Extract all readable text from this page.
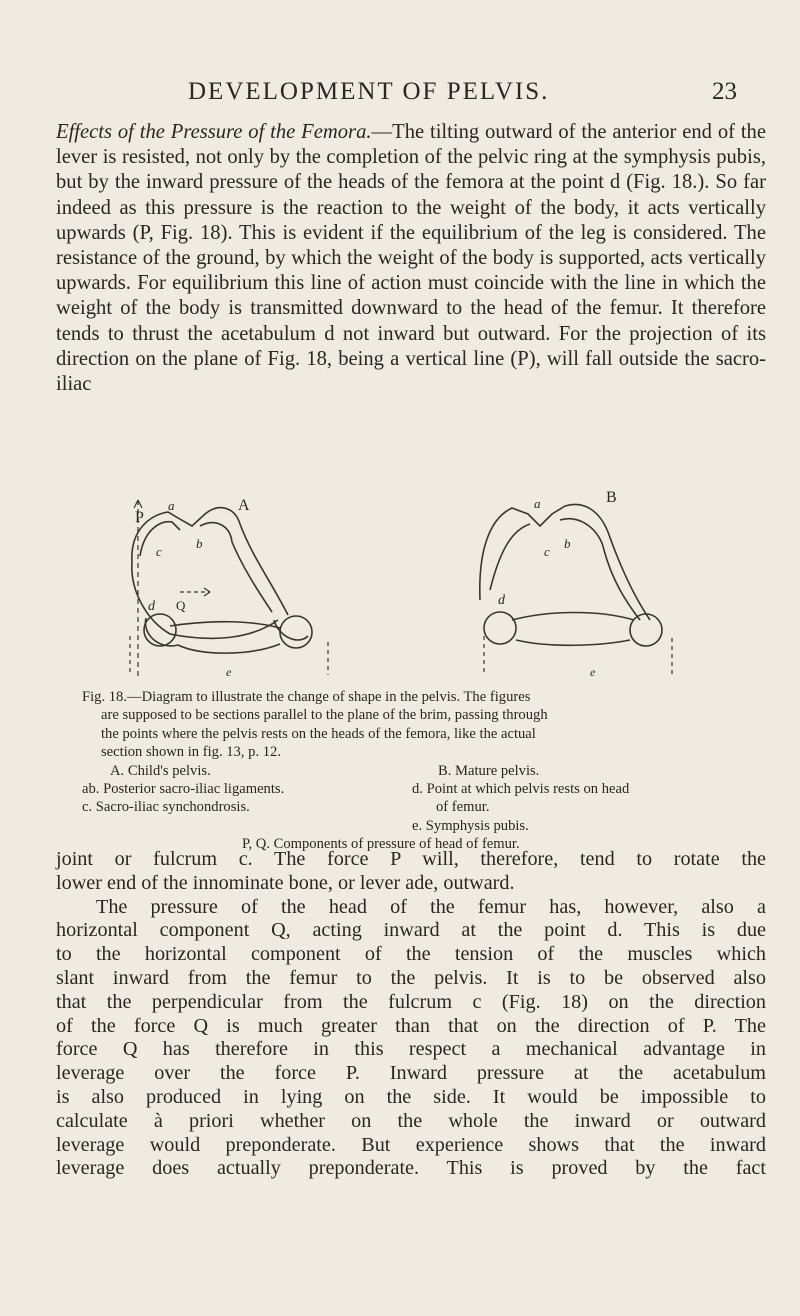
DEVELOPMENT OF PELVIS.	23
Effects of the Pressure of the Femora.—The tilting outward of the anterior end of the lever is resisted, not only by the completion of the pelvic ring at the symphysis pubis, but by the inward pressure of the heads of the femora at the point d (Fig. 18.). So far indeed as this pressure is the reaction to the weight of the body, it acts vertically upwards (P, Fig. 18). This is evident if the equilibrium of the leg is considered. The resistance of the ground, by which the weight of the body is supported, acts vertically upwards. For equilibrium this line of action must coincide with the line in which the weight of the body is transmitted downward to the head of the femur. It therefore tends to thrust the acetabulum d not inward but outward. For the projection of its direction on the plane of Fig. 18, being a vertical line (P), will fall outside the sacro-iliac
P
A
a
b
c
d Q
e
B
a
b
c
d
e
Fig. 18.—Diagram to illustrate the change of shape in the pelvis. The figures
are supposed to be sections parallel to the plane of the brim, passing through
the points where the pelvis rests on the heads of the femora, like the actual
section shown in fig. 13, p. 12.
A. Child's pelvis.	B. Mature pelvis.
ab. Posterior sacro-iliac ligaments.	d. Point at which pelvis rests on head
c. Sacro-iliac synchondrosis.	of femur.
e. Symphysis pubis.
P, Q. Components of pressure of head of femur.
joint or fulcrum c. The force P will, therefore, tend to rotate the
lower end of the innominate bone, or lever ade, outward.
The pressure of the head of the femur has, however, also a
horizontal component Q, acting inward at the point d. This is due
to the horizontal component of the tension of the muscles which
slant inward from the femur to the pelvis. It is to be observed also
that the perpendicular from the fulcrum c (Fig. 18) on the direction
of the force Q is much greater than that on the direction of P. The
force Q has therefore in this respect a mechanical advantage in
leverage over the force P. Inward pressure at the acetabulum
is also produced in lying on the side. It would be impossible to
calculate à priori whether on the whole the inward or outward
leverage would preponderate. But experience shows that the inward
leverage does actually preponderate. This is proved by the fact
